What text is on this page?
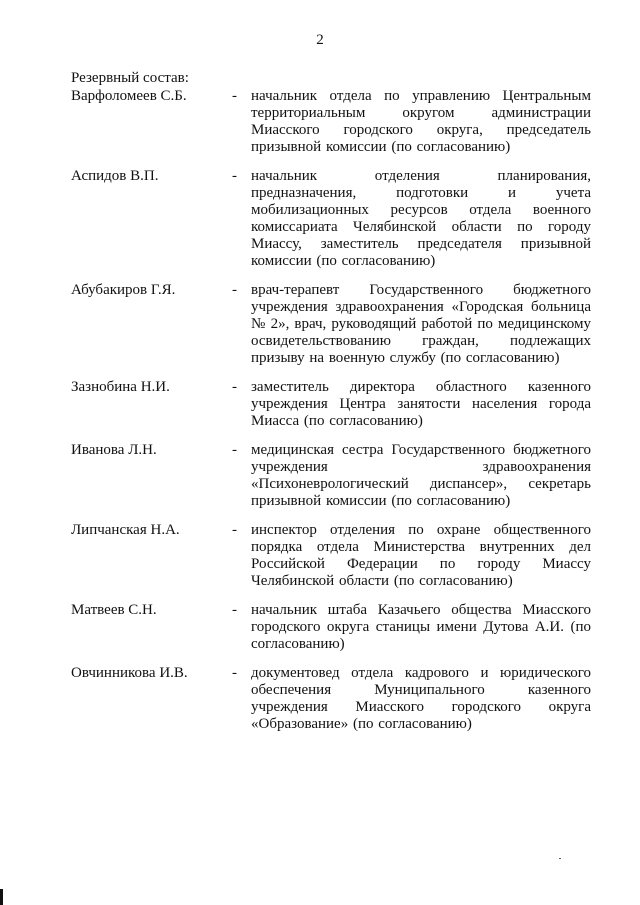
2
Резервный состав:
Варфоломеев С.Б.	- начальник отдела по управлению Центральным территориальным округом администрации Миасского городского округа, председатель призывной комиссии (по согласованию)
Аспидов В.П.	- начальник отделения планирования, предназначения, подготовки и учета мобилизационных ресурсов отдела военного комиссариата Челябинской области по городу Миассу, заместитель председателя призывной комиссии (по согласованию)
Абубакиров Г.Я.	- врач-терапевт Государственного бюджетного учреждения здравоохранения «Городская больница № 2», врач, руководящий работой по медицинскому освидетельствованию граждан, подлежащих призыву на военную службу (по согласованию)
Зазнобина Н.И.	- заместитель директора областного казенного учреждения Центра занятости населения города Миасса (по согласованию)
Иванова Л.Н.	- медицинская сестра Государственного бюджетного учреждения здравоохранения «Психоневрологический диспансер», секретарь призывной комиссии (по согласованию)
Липчанская Н.А.	- инспектор отделения по охране общественного порядка отдела Министерства внутренних дел Российской Федерации по городу Миассу Челябинской области (по согласованию)
Матвеев С.Н.	- начальник штаба Казачьего общества Миасского городского округа станицы имени Дутова А.И. (по согласованию)
Овчинникова И.В.	- документовед отдела кадрового и юридического обеспечения Муниципального казенного учреждения Миасского городского округа «Образование» (по согласованию)
